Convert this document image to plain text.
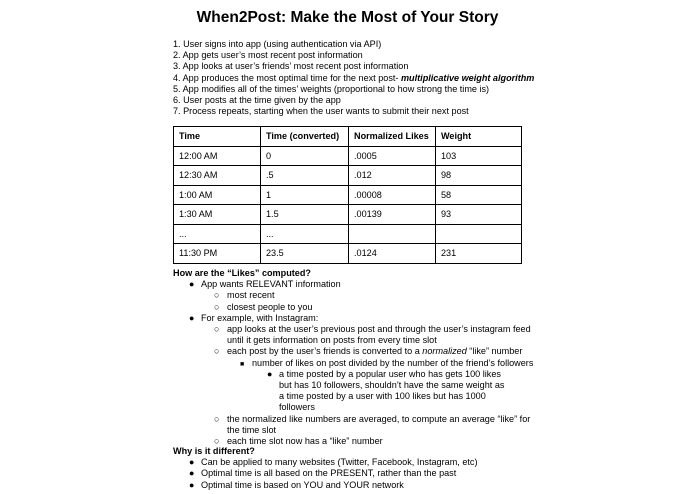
When2Post: Make the Most of Your Story
1. User signs into app (using authentication via API)
2. App gets user’s most recent post information
3. App looks at user’s friends’ most recent post information
4. App produces the most optimal time for the next post- multiplicative weight algorithm
5. App modifies all of the times’ weights (proportional to how strong the time is)
6. User posts at the time given by the app
7. Process repeats, starting when the user wants to submit their next post
Time	Time (converted)	Normalized Likes	Weight
12:00 AM	0	.0005	103
12:30 AM	.5	.012	98
1:00 AM	1	.00008	58
1:30 AM	1.5	.00139	93
...	...		
11:30 PM	23.5	.0124	231
How are the “Likes” computed?
● App wants RELEVANT information
○ most recent
○ closest people to you
● For example, with Instagram:
○ app looks at the user’s previous post and through the user’s instagram feed until it gets information on posts from every time slot
○ each post by the user’s friends is converted to a normalized “like” number
■ number of likes on post divided by the number of the friend’s followers
● a time posted by a popular user who has gets 100 likes but has 10 followers, shouldn’t have the same weight as a time posted by a user with 100 likes but has 1000 followers
○ the normalized like numbers are averaged, to compute an average “like” for the time slot
○ each time slot now has a “like” number
Why is it different?
● Can be applied to many websites (Twitter, Facebook, Instagram, etc)
● Optimal time is all based on the PRESENT, rather than the past
● Optimal time is based on YOU and YOUR network
